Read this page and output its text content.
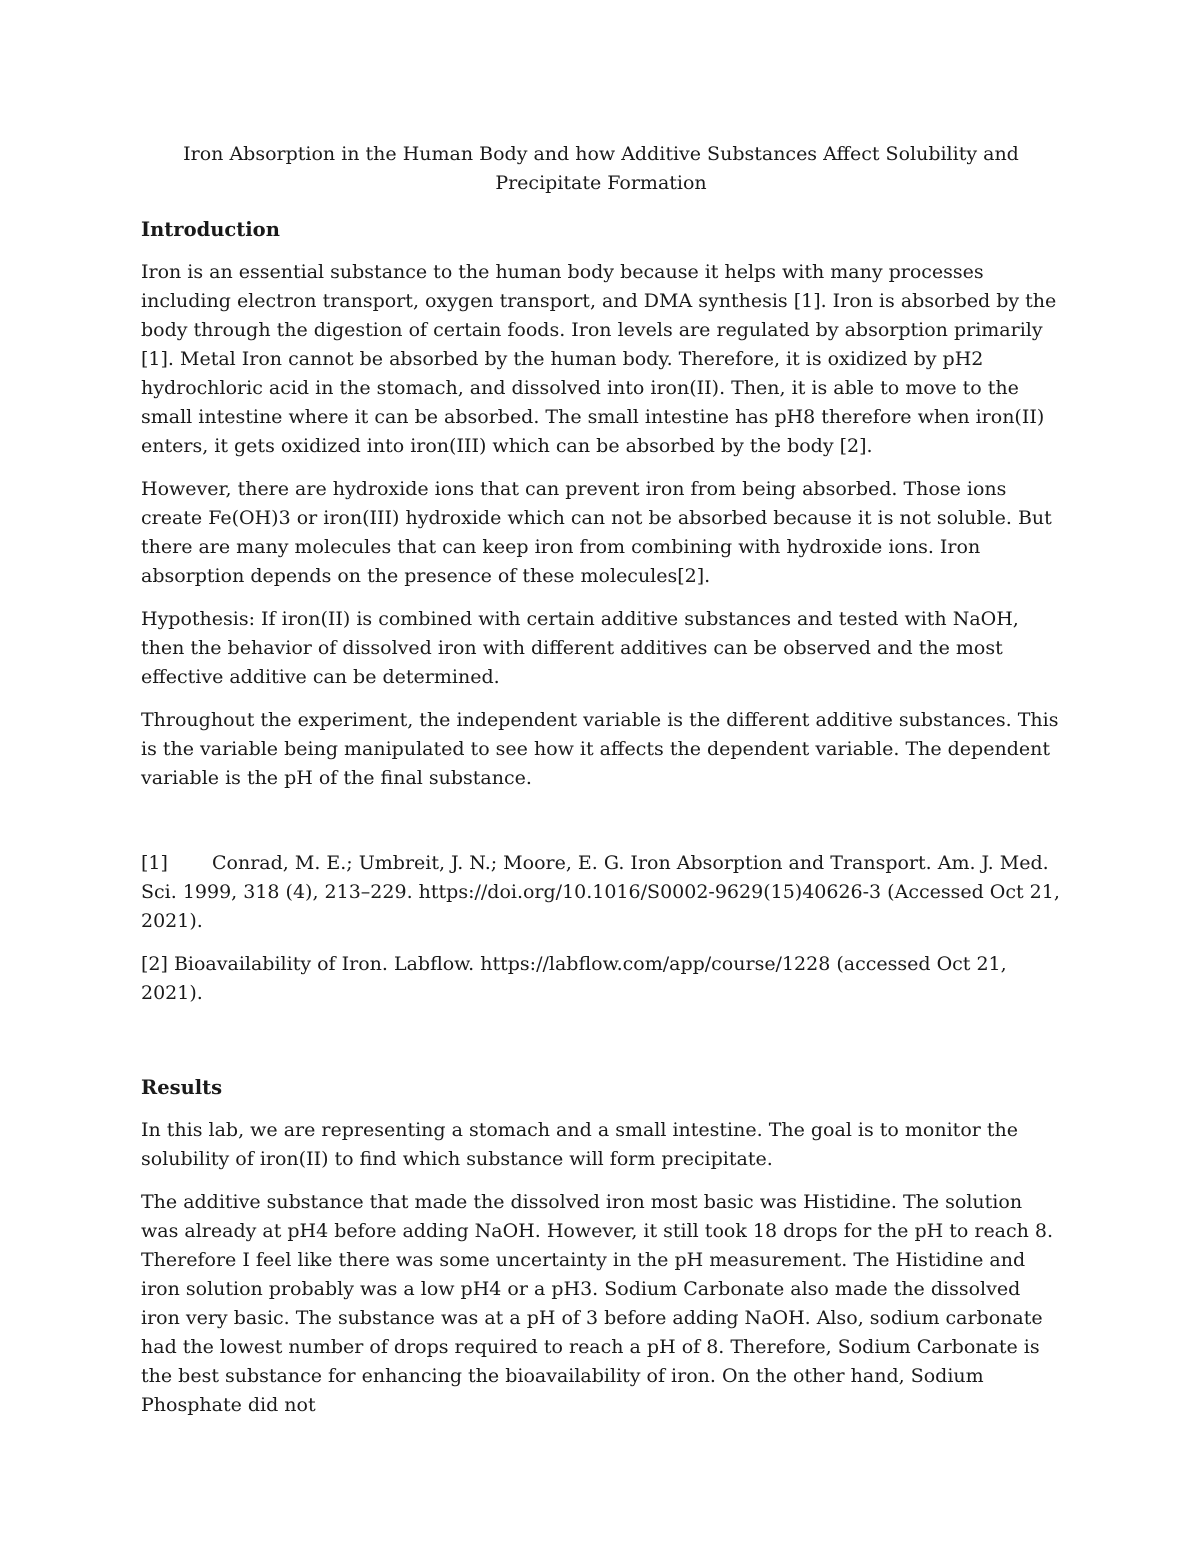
Iron Absorption in the Human Body and how Additive Substances Affect Solubility and
Precipitate Formation
Introduction

Iron is an essential substance to the human body because it helps with many processes including electron transport, oxygen transport, and DMA synthesis [1]. Iron is absorbed by the body through the digestion of certain foods. Iron levels are regulated by absorption primarily [1]. Metal Iron cannot be absorbed by the human body. Therefore, it is oxidized by pH2 hydrochloric acid in the stomach, and dissolved into iron(II). Then, it is able to move to the small intestine where it can be absorbed. The small intestine has pH8 therefore when iron(II) enters, it gets oxidized into iron(III) which can be absorbed by the body [2].

However, there are hydroxide ions that can prevent iron from being absorbed. Those ions create Fe(OH)3 or iron(III) hydroxide which can not be absorbed because it is not soluble. But there are many molecules that can keep iron from combining with hydroxide ions. Iron absorption depends on the presence of these molecules[2].

Hypothesis: If iron(II) is combined with certain additive substances and tested with NaOH, then the behavior of dissolved iron with different additives can be observed and the most effective additive can be determined.

Throughout the experiment, the independent variable is the different additive substances. This is the variable being manipulated to see how it affects the dependent variable. The dependent variable is the pH of the final substance.

[1] Conrad, M. E.; Umbreit, J. N.; Moore, E. G. Iron Absorption and Transport. Am. J. Med. Sci. 1999, 318 (4), 213–229. https://doi.org/10.1016/S0002-9629(15)40626-3 (Accessed Oct 21, 2021).

[2] Bioavailability of Iron. Labflow. https://labflow.com/app/course/1228 (accessed Oct 21, 2021).

Results

In this lab, we are representing a stomach and a small intestine. The goal is to monitor the solubility of iron(II) to find which substance will form precipitate.

The additive substance that made the dissolved iron most basic was Histidine. The solution was already at pH4 before adding NaOH. However, it still took 18 drops for the pH to reach 8. Therefore I feel like there was some uncertainty in the pH measurement. The Histidine and iron solution probably was a low pH4 or a pH3. Sodium Carbonate also made the dissolved iron very basic. The substance was at a pH of 3 before adding NaOH. Also, sodium carbonate had the lowest number of drops required to reach a pH of 8. Therefore, Sodium Carbonate is the best substance for enhancing the bioavailability of iron. On the other hand, Sodium Phosphate did not
